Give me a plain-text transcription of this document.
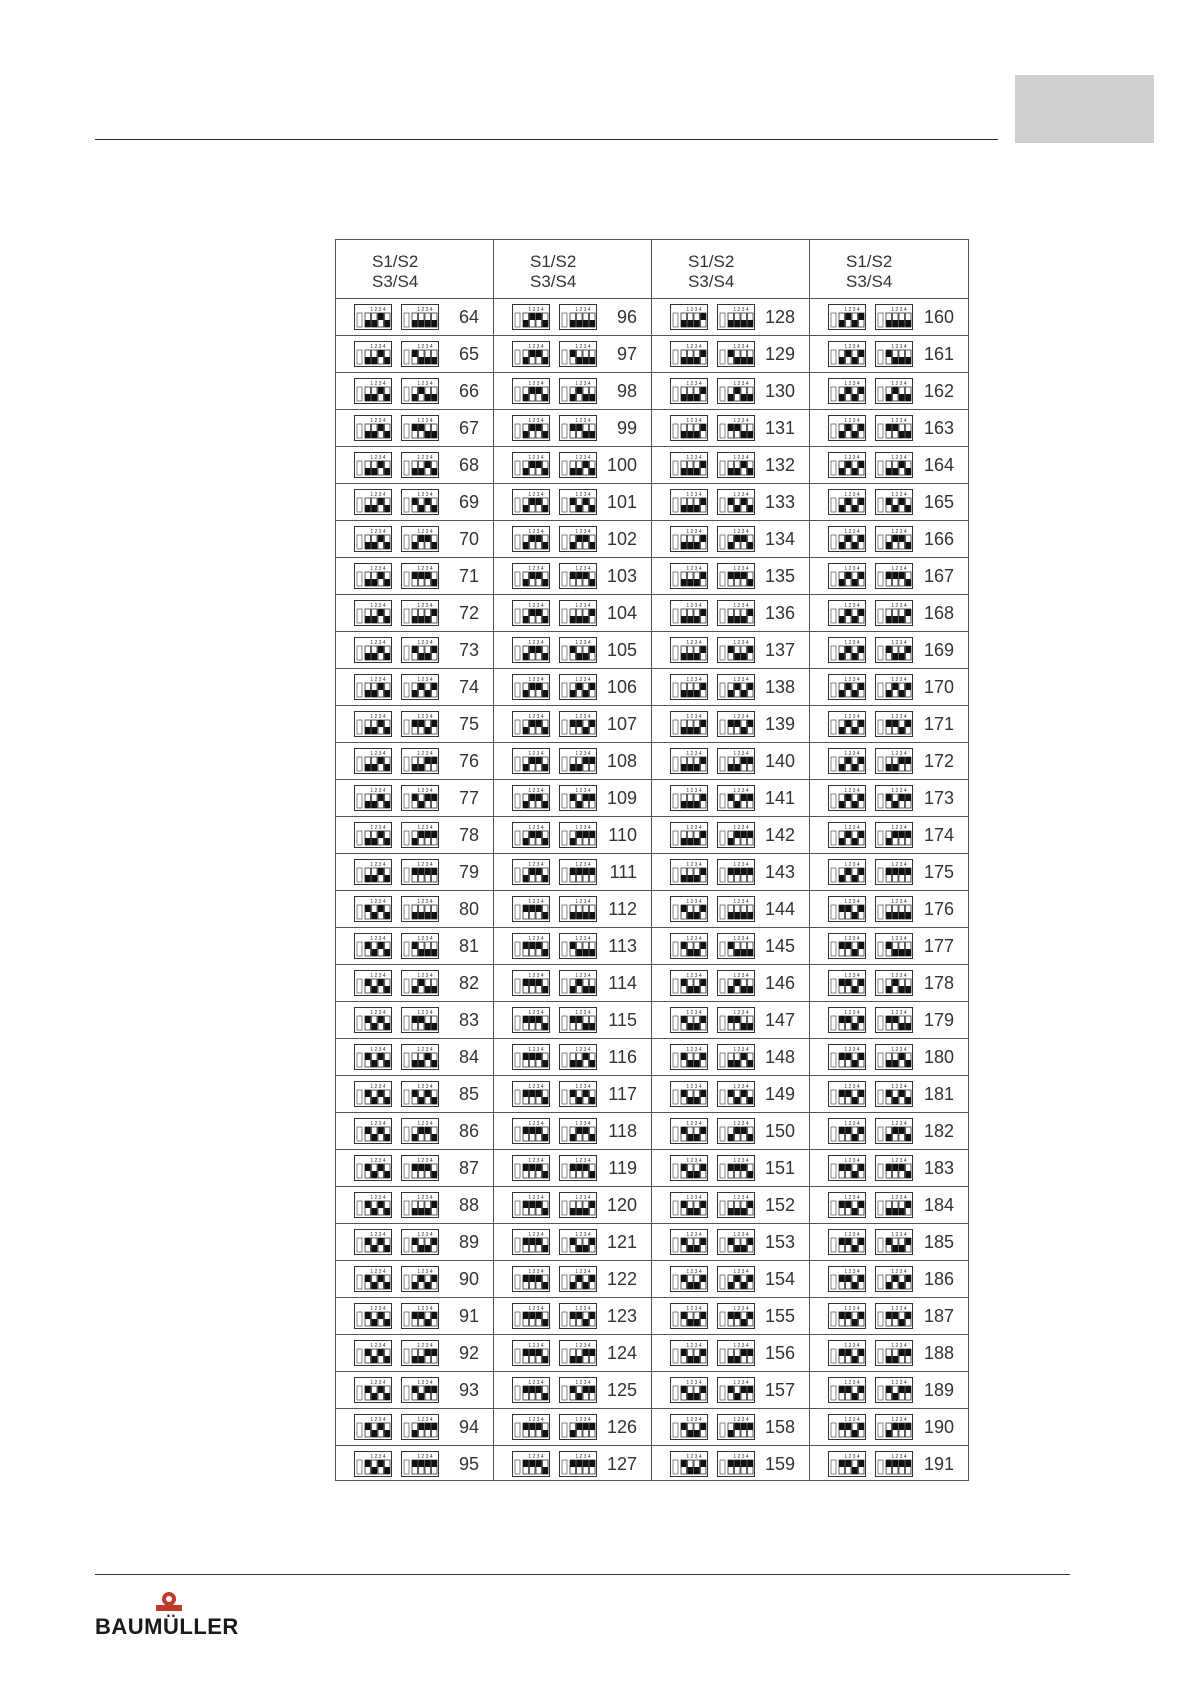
S1/S2
S3/S4
1 2 3 4	1 2 3 4 64
1 2 3 4	1 2 3 4 65
1 2 3 4	1 2 3 4 66
1 2 3 4	1 2 3 4 67
1 2 3 4	1 2 3 4 68
1 2 3 4	1 2 3 4 69
1 2 3 4	1 2 3 4 70
1 2 3 4	1 2 3 4 71
1 2 3 4	1 2 3 4 72
1 2 3 4	1 2 3 4 73
1 2 3 4	1 2 3 4 74
1 2 3 4	1 2 3 4 75
1 2 3 4	1 2 3 4 76
1 2 3 4	1 2 3 4 77
1 2 3 4	1 2 3 4 78
1 2 3 4	1 2 3 4 79
1 2 3 4	1 2 3 4 80
1 2 3 4	1 2 3 4 81
1 2 3 4	1 2 3 4 82
1 2 3 4	1 2 3 4 83
1 2 3 4	1 2 3 4 84
1 2 3 4	1 2 3 4 85
1 2 3 4	1 2 3 4 86
1 2 3 4	1 2 3 4 87
1 2 3 4	1 2 3 4 88
1 2 3 4	1 2 3 4 89
1 2 3 4	1 2 3 4 90
1 2 3 4	1 2 3 4 91
1 2 3 4	1 2 3 4 92
1 2 3 4	1 2 3 4 93
1 2 3 4	1 2 3 4 94
1 2 3 4	1 2 3 4 95
S1/S2
S3/S4
1 2 3 4	1 2 3 4 96
1 2 3 4	1 2 3 4 97
1 2 3 4	1 2 3 4 98
1 2 3 4	1 2 3 4 99
1 2 3 4	1 2 3 4 100
1 2 3 4	1 2 3 4 101
1 2 3 4	1 2 3 4 102
1 2 3 4	1 2 3 4 103
1 2 3 4	1 2 3 4 104
1 2 3 4	1 2 3 4 105
1 2 3 4	1 2 3 4 106
1 2 3 4	1 2 3 4 107
1 2 3 4	1 2 3 4 108
1 2 3 4	1 2 3 4 109
1 2 3 4	1 2 3 4 110
1 2 3 4	1 2 3 4 111
1 2 3 4	1 2 3 4 112
1 2 3 4	1 2 3 4 113
1 2 3 4	1 2 3 4 114
1 2 3 4	1 2 3 4 115
1 2 3 4	1 2 3 4 116
1 2 3 4	1 2 3 4 117
1 2 3 4	1 2 3 4 118
1 2 3 4	1 2 3 4 119
1 2 3 4	1 2 3 4 120
1 2 3 4	1 2 3 4 121
1 2 3 4	1 2 3 4 122
1 2 3 4	1 2 3 4 123
1 2 3 4	1 2 3 4 124
1 2 3 4	1 2 3 4 125
1 2 3 4	1 2 3 4 126
1 2 3 4	1 2 3 4 127
S1/S2
S3/S4
1 2 3 4	1 2 3 4 128
1 2 3 4	1 2 3 4 129
1 2 3 4	1 2 3 4 130
1 2 3 4	1 2 3 4 131
1 2 3 4	1 2 3 4 132
1 2 3 4	1 2 3 4 133
1 2 3 4	1 2 3 4 134
1 2 3 4	1 2 3 4 135
1 2 3 4	1 2 3 4 136
1 2 3 4	1 2 3 4 137
1 2 3 4	1 2 3 4 138
1 2 3 4	1 2 3 4 139
1 2 3 4	1 2 3 4 140
1 2 3 4	1 2 3 4 141
1 2 3 4	1 2 3 4 142
1 2 3 4	1 2 3 4 143
1 2 3 4	1 2 3 4 144
1 2 3 4	1 2 3 4 145
1 2 3 4	1 2 3 4 146
1 2 3 4	1 2 3 4 147
1 2 3 4	1 2 3 4 148
1 2 3 4	1 2 3 4 149
1 2 3 4	1 2 3 4 150
1 2 3 4	1 2 3 4 151
1 2 3 4	1 2 3 4 152
1 2 3 4	1 2 3 4 153
1 2 3 4	1 2 3 4 154
1 2 3 4	1 2 3 4 155
1 2 3 4	1 2 3 4 156
1 2 3 4	1 2 3 4 157
1 2 3 4	1 2 3 4 158
1 2 3 4	1 2 3 4 159
S1/S2
S3/S4
1 2 3 4	1 2 3 4 160
1 2 3 4	1 2 3 4 161
1 2 3 4	1 2 3 4 162
1 2 3 4	1 2 3 4 163
1 2 3 4	1 2 3 4 164
1 2 3 4	1 2 3 4 165
1 2 3 4	1 2 3 4 166
1 2 3 4	1 2 3 4 167
1 2 3 4	1 2 3 4 168
1 2 3 4	1 2 3 4 169
1 2 3 4	1 2 3 4 170
1 2 3 4	1 2 3 4 171
1 2 3 4	1 2 3 4 172
1 2 3 4	1 2 3 4 173
1 2 3 4	1 2 3 4 174
1 2 3 4	1 2 3 4 175
1 2 3 4	1 2 3 4 176
1 2 3 4	1 2 3 4 177
1 2 3 4	1 2 3 4 178
1 2 3 4	1 2 3 4 179
1 2 3 4	1 2 3 4 180
1 2 3 4	1 2 3 4 181
1 2 3 4	1 2 3 4 182
1 2 3 4	1 2 3 4 183
1 2 3 4	1 2 3 4 184
1 2 3 4	1 2 3 4 185
1 2 3 4	1 2 3 4 186
1 2 3 4	1 2 3 4 187
1 2 3 4	1 2 3 4 188
1 2 3 4	1 2 3 4 189
1 2 3 4	1 2 3 4 190
1 2 3 4	1 2 3 4 191
BAUMÜLLER
